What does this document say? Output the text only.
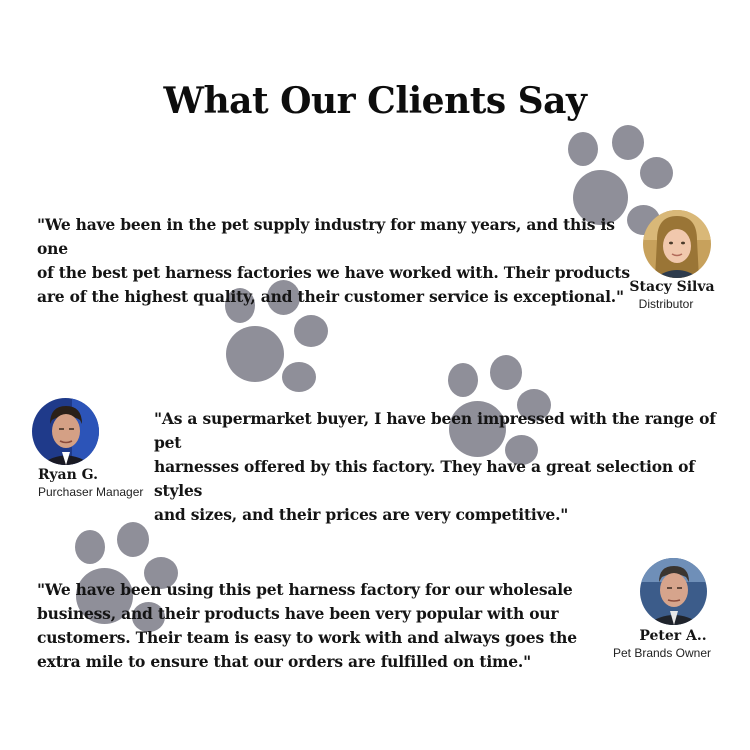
What Our Clients Say
"We have been in the pet supply industry for many years, and this is one
of the best pet harness factories we have worked with. Their products
are of the highest quality, and their customer service is exceptional." Stacy Silva
Distributor
Ryan G.
Purchaser Manager
"As a supermarket buyer, I have been impressed with the range of pet
harnesses offered by this factory. They have a great selection of styles
and sizes, and their prices are very competitive."
"We have been using this pet harness factory for our wholesale
business, and their products have been very popular with our
customers. Their team is easy to work with and always goes the
extra mile to ensure that our orders are fulfilled on time."
Peter A..
Pet Brands Owner
